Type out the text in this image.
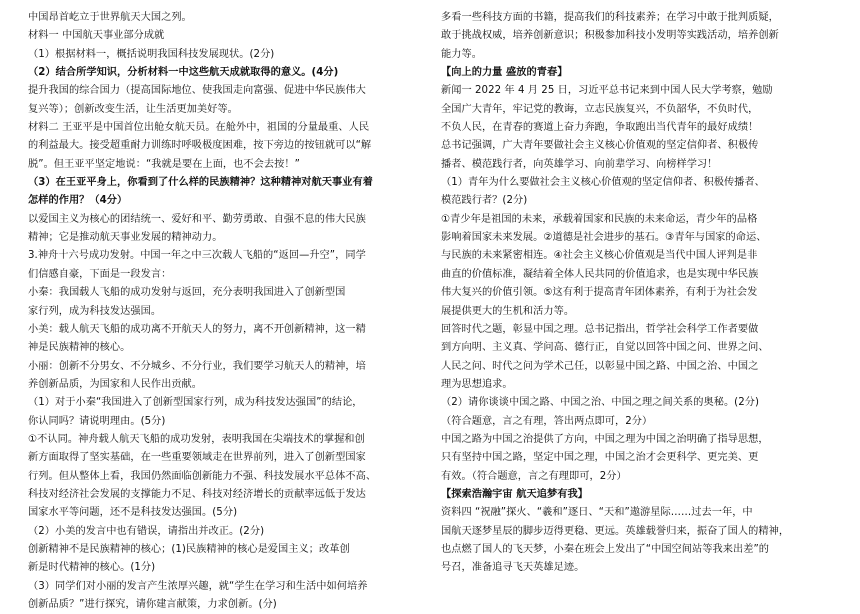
中国昂首屹立于世界航天大国之列。
材料一 中国航天事业部分成就
（1）根据材料一，概括说明我国科技发展现状。(2分)
（2）结合所学知识，分析材料一中这些航天成就取得的意义。(4分)
提升我国的综合国力（提高国际地位、使我国走向富强、促进中华民族伟大
复兴等）；创新改变生活，让生活更加美好等。
材料二 王亚平是中国首位出舱女航天员。在舱外中，祖国的分量最重、人民
的利益最大。接受超重耐力训练时呼吸极度困难，按下旁边的按钮就可以“解
脱”。但王亚平坚定地说：“我就是要在上面，也不会去按！”
（3）在王亚平身上，你看到了什么样的民族精神？这种精神对航天事业有着
怎样的作用？（4分）
以爱国主义为核心的团结统一、爱好和平、勤劳勇敢、自强不息的伟大民族
精神；它是推动航天事业发展的精神动力。
3.神舟十六号成功发射。中国一年之中三次载人飞船的“返回—升空”，同学
们信感自豪，下面是一段发言：
小秦：我国载人飞船的成功发射与返回，充分表明我国进入了创新型国
家行列，成为科技发达强国。
小美：载人航天飞船的成功离不开航天人的努力，离不开创新精神，这一精
神是民族精神的核心。
小丽：创新不分男女、不分城乡、不分行业，我们要学习航天人的精神，培
养创新品质，为国家和人民作出贡献。
（1）对于小秦“我国进入了创新型国家行列，成为科技发达强国”的结论，
你认同吗？请说明理由。(5分)
①不认同。神舟载人航天飞船的成功发射，表明我国在尖端技术的掌握和创
新方面取得了坚实基础，在一些重要领域走在世界前列，进入了创新型国家
行列。但从整体上看，我国仍然面临创新能力不强、科技发展水平总体不高、
科技对经济社会发展的支撑能力不足、科技对经济增长的贡献率远低于发达
国家水平等问题，还不是科技发达强国。(5分)
（2）小美的发言中也有错误，请指出并改正。(2分)
创新精神不是民族精神的核心；(1)民族精神的核心是爱国主义；改革创
新是时代精神的核心。(1分)
（3）同学们对小丽的发言产生浓厚兴趣，就“学生在学习和生活中如何培养
创新品质？”进行探究，请你建言献策，力求创新。(分)
多看一些科技方面的书籍，提高我们的科技素养；在学习中敢于批判质疑，
敢于挑战权威，培养创新意识；积极参加科技小发明等实践活动，培养创新
能力等。
【向上的力量 盛放的青春】
新闻一 2022 年 4 月 25 日，习近平总书记来到中国人民大学考察，勉励
全国广大青年，牢记党的教诲，立志民族复兴，不负韶华，不负时代，
不负人民，在青春的赛道上奋力奔跑，争取跑出当代青年的最好成绩！
总书记强调，广大青年要做社会主义核心价值观的坚定信仰者、积极传
播者、模范践行者，向英雄学习、向前辈学习、向榜样学习！
（1）青年为什么要做社会主义核心价值观的坚定信仰者、积极传播者、
模范践行者？(2分)
①青少年是祖国的未来，承载着国家和民族的未来命运，青少年的品格
影响着国家未来发展。②道德是社会进步的基石。③青年与国家的命运、
与民族的未来紧密相连。④社会主义核心价值观是当代中国人评判是非
曲直的价值标准，凝结着全体人民共同的价值追求，也是实现中华民族
伟大复兴的价值引领。⑤这有利于提高青年团体素养，有利于为社会发
展提供更大的生机和活力等。
回答时代之题，彰显中国之理。总书记指出，哲学社会科学工作者要做
到方向明、主义真、学问高、德行正，自觉以回答中国之问、世界之问、
人民之问、时代之问为学术己任，以彰显中国之路、中国之治、中国之
理为思想追求。
（2）请你谈谈中国之路、中国之治、中国之理之间关系的奥秘。(2分)
（符合题意，言之有理，答出两点即可，2分）
中国之路为中国之治提供了方向，中国之理为中国之治明确了指导思想，
只有坚持中国之路，坚定中国之理，中国之治才会更科学、更完美、更
有效。（符合题意，言之有理即可，2分）
【探索浩瀚宇宙 航天追梦有我】
资料四 “祝融”探火、“羲和”逐日、“天和”遨游星际……过去一年，中
国航天逐梦星辰的脚步迈得更稳、更远。英雄载誉归来，振奋了国人的精神，
也点燃了国人的飞天梦，小秦在班会上发出了“中国空间站等我来出差”的
号召，准备追寻飞天英雄足迹。
